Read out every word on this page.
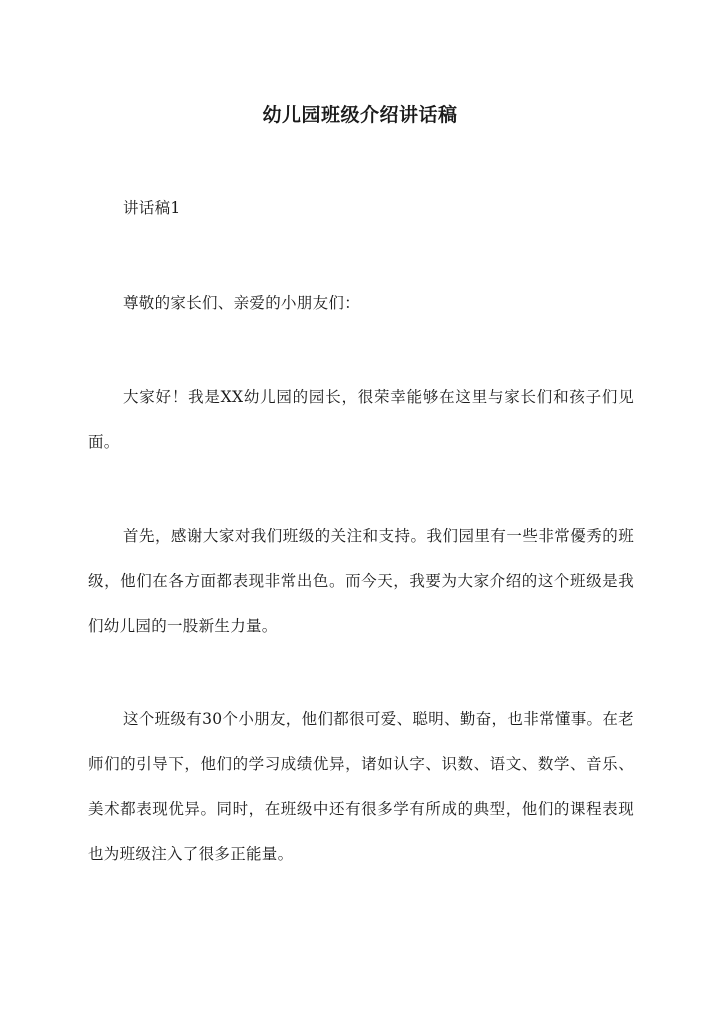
幼儿园班级介绍讲话稿

讲话稿1

尊敬的家长们、亲爱的小朋友们：

大家好！我是XX幼儿园的园长，很荣幸能够在这里与家长们和孩子们见面。

首先，感谢大家对我们班级的关注和支持。我们园里有一些非常優秀的班级，他们在各方面都表现非常出色。而今天，我要为大家介绍的这个班级是我们幼儿园的一股新生力量。

这个班级有30个小朋友，他们都很可爱、聪明、勤奋，也非常懂事。在老师们的引导下，他们的学习成绩优异，诸如认字、识数、语文、数学、音乐、美术都表现优异。同时，在班级中还有很多学有所成的典型，他们的课程表现也为班级注入了很多正能量。
